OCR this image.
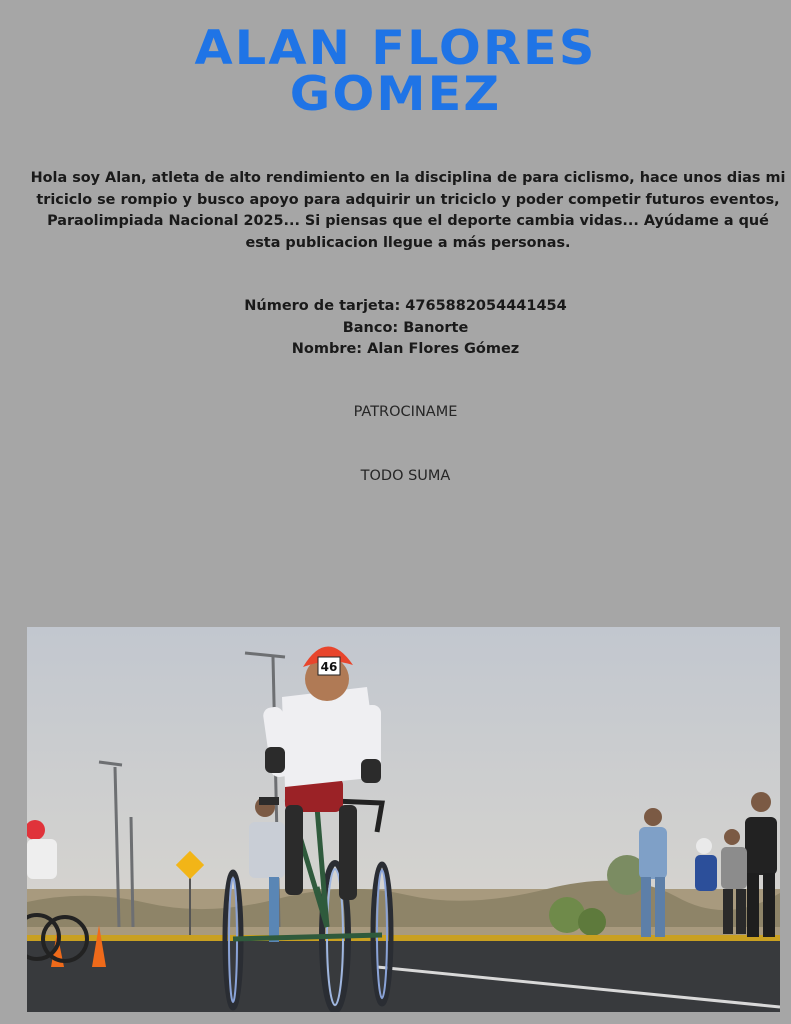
ALAN FLORES
GOMEZ

Hola soy Alan, atleta de alto rendimiento en la disciplina de para ciclismo, hace unos dias mi triciclo se rompio y busco apoyo para adquirir un triciclo y poder competir futuros eventos, Paraolimpiada Nacional 2025... Si piensas que el deporte cambia vidas... Ayúdame a qué esta publicacion llegue a más personas.

Número de tarjeta: 4765882054441454
Banco: Banorte
Nombre: Alan Flores Gómez
PATROCINAME
TODO SUMA
46
